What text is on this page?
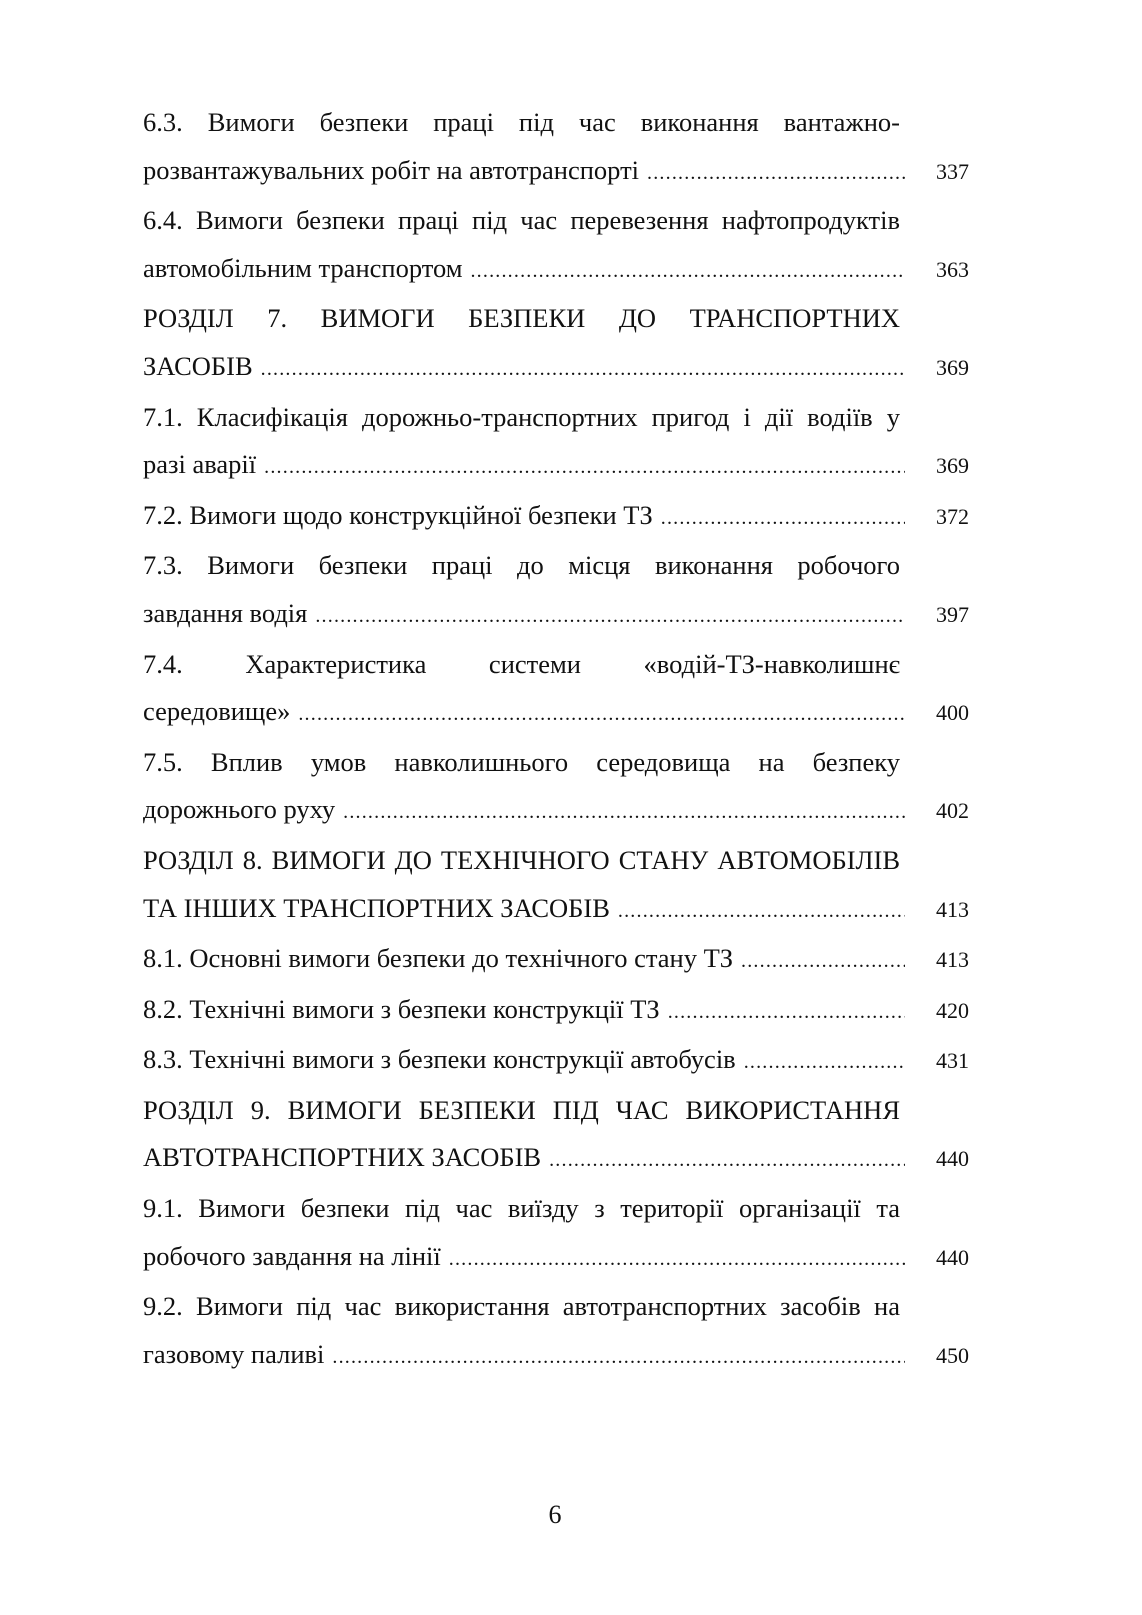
6.3. Вимоги безпеки праці під час виконання вантажно-
розвантажувальних робіт на автотранспорті .....	337
6.4. Вимоги безпеки праці під час перевезення нафтопродуктів
автомобільним транспортом .....	363
РОЗДІЛ 7. ВИМОГИ БЕЗПЕКИ ДО ТРАНСПОРТНИХ
ЗАСОБІВ .....	369
7.1. Класифікація дорожньо-транспортних пригод і дії водіїв у
разі аварії .....	369
7.2. Вимоги щодо конструкційної безпеки ТЗ .....	372
7.3. Вимоги безпеки праці до місця виконання робочого
завдання водія .....	397
7.4. Характеристика системи «водій-ТЗ-навколишнє
середовище» .....	400
7.5. Вплив умов навколишнього середовища на безпеку
дорожнього руху .....	402
РОЗДІЛ 8. ВИМОГИ ДО ТЕХНІЧНОГО СТАНУ АВТОМОБІЛІВ
ТА ІНШИХ ТРАНСПОРТНИХ ЗАСОБІВ .....	413
8.1. Основні вимоги безпеки до технічного стану ТЗ .....	413
8.2. Технічні вимоги з безпеки конструкції ТЗ .....	420
8.3. Технічні вимоги з безпеки конструкції автобусів .....	431
РОЗДІЛ 9. ВИМОГИ БЕЗПЕКИ ПІД ЧАС ВИКОРИСТАННЯ
АВТОТРАНСПОРТНИХ ЗАСОБІВ .....	440
9.1. Вимоги безпеки під час виїзду з території організації та
робочого завдання на лінії .....	440
9.2. Вимоги під час використання автотранспортних засобів на
газовому паливі .....	450
6
